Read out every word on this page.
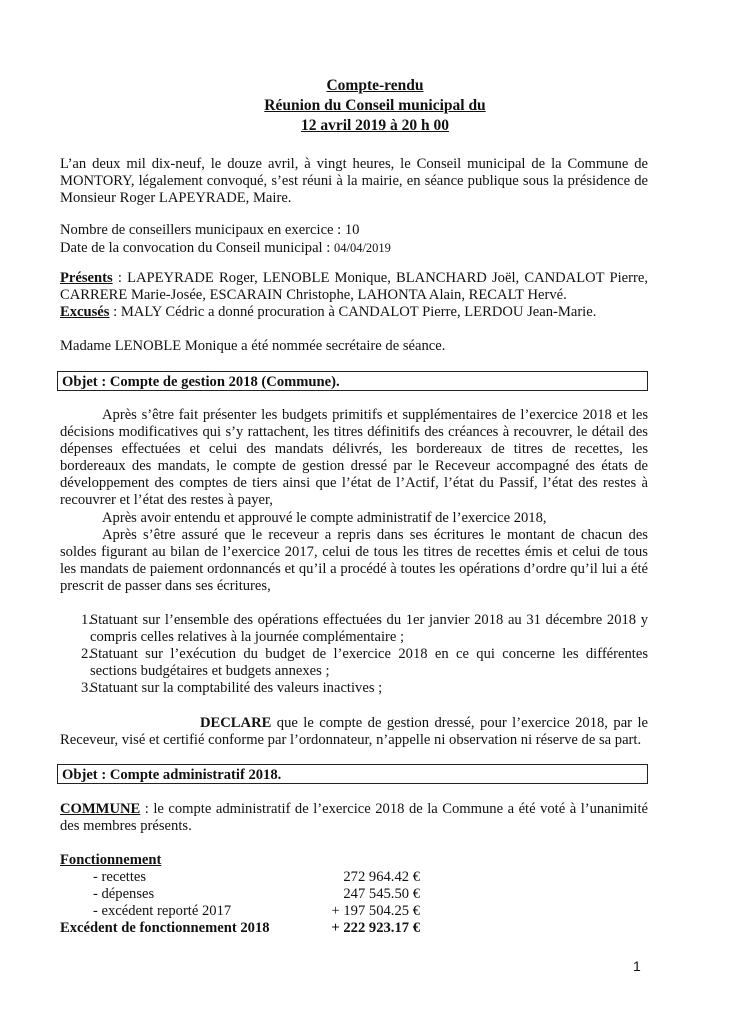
Compte-rendu
Réunion du Conseil municipal du
12 avril 2019 à 20 h 00
L’an deux mil dix-neuf, le douze avril, à vingt heures, le Conseil municipal de la Commune de MONTORY, légalement convoqué, s’est réuni à la mairie, en séance publique sous la présidence de Monsieur Roger LAPEYRADE, Maire.
Nombre de conseillers municipaux en exercice : 10
Date de la convocation du Conseil municipal : 04/04/2019
Présents : LAPEYRADE Roger, LENOBLE Monique, BLANCHARD Joël, CANDALOT Pierre, CARRERE Marie-Josée, ESCARAIN Christophe, LAHONTA Alain, RECALT Hervé.
Excusés : MALY Cédric a donné procuration à CANDALOT Pierre, LERDOU Jean-Marie.
Madame LENOBLE Monique a été nommée secrétaire de séance.
Objet : Compte de gestion 2018 (Commune).
Après s’être fait présenter les budgets primitifs et supplémentaires de l’exercice 2018 et les décisions modificatives qui s’y rattachent, les titres définitifs des créances à recouvrer, le détail des dépenses effectuées et celui des mandats délivrés, les bordereaux de titres de recettes, les bordereaux des mandats, le compte de gestion dressé par le Receveur accompagné des états de développement des comptes de tiers ainsi que l’état de l’Actif, l’état du Passif, l’état des restes à recouvrer et l’état des restes à payer,
Après avoir entendu et approuvé le compte administratif de l’exercice 2018,
Après s’être assuré que le receveur a repris dans ses écritures le montant de chacun des soldes figurant au bilan de l’exercice 2017, celui de tous les titres de recettes émis et celui de tous les mandats de paiement ordonnancés et qu’il a procédé à toutes les opérations d’ordre qu’il lui a été prescrit de passer dans ses écritures,
1.
Statuant sur l’ensemble des opérations effectuées du 1er janvier 2018 au 31 décembre 2018 y compris celles relatives à la journée complémentaire ;
2.
Statuant sur l’exécution du budget de l’exercice 2018 en ce qui concerne les différentes sections budgétaires et budgets annexes ;
3.
Statuant sur la comptabilité des valeurs inactives ;
DECLARE que le compte de gestion dressé, pour l’exercice 2018, par le Receveur, visé et certifié conforme par l’ordonnateur, n’appelle ni observation ni réserve de sa part.
Objet : Compte administratif 2018.
COMMUNE : le compte administratif de l’exercice 2018 de la Commune a été voté à l’unanimité des membres présents.
Fonctionnement
- recettes	272 964.42 €
- dépenses	247 545.50 €
- excédent reporté 2017	+ 197 504.25 €
Excédent de fonctionnement 2018	+ 222 923.17 €
1
